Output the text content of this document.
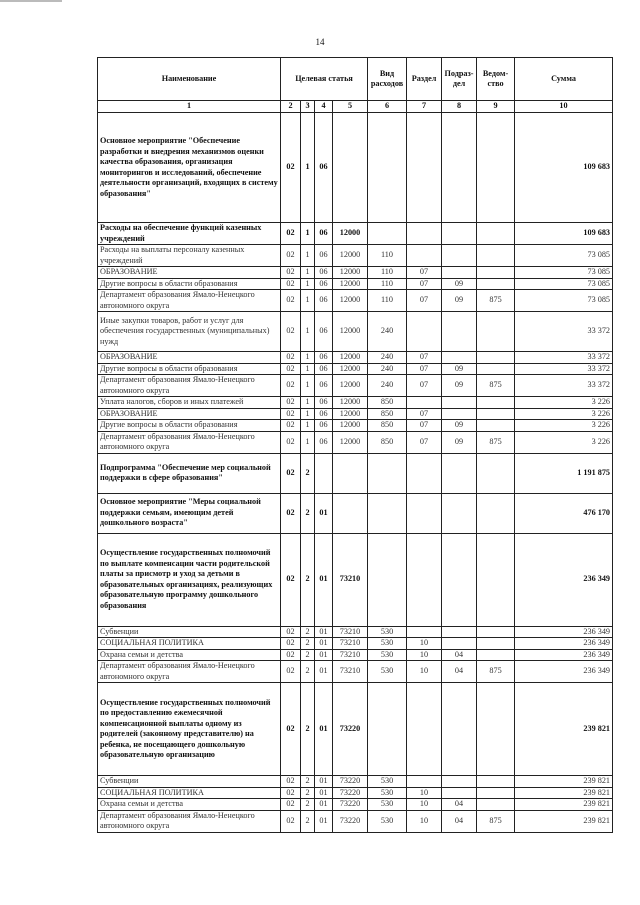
14
Наименование	Целевая статья				Вид расходов	Раздел	Подраз-дел	Ведом-ство	Сумма
1	2	3	4	5	6	7	8	9	10
Основное мероприятие "Обеспечение разработки и внедрения механизмов оценки качества образования, организация мониторингов и исследований, обеспечение деятельности организаций, входящих в систему образования"	02	1	06						109 683
Расходы на обеспечение функций казенных учреждений	02	1	06	12000					109 683
Расходы на выплаты персоналу казенных учреждений	02	1	06	12000	110				73 085
ОБРАЗОВАНИЕ	02	1	06	12000	110	07			73 085
Другие вопросы в области образования	02	1	06	12000	110	07	09		73 085
Департамент образования Ямало-Ненецкого автономного округа	02	1	06	12000	110	07	09	875	73 085
Иные закупки товаров, работ и услуг для обеспечения государственных (муниципальных) нужд	02	1	06	12000	240				33 372
ОБРАЗОВАНИЕ	02	1	06	12000	240	07			33 372
Другие вопросы в области образования	02	1	06	12000	240	07	09		33 372
Департамент образования Ямало-Ненецкого автономного округа	02	1	06	12000	240	07	09	875	33 372
Уплата налогов, сборов и иных платежей	02	1	06	12000	850				3 226
ОБРАЗОВАНИЕ	02	1	06	12000	850	07			3 226
Другие вопросы в области образования	02	1	06	12000	850	07	09		3 226
Департамент образования Ямало-Ненецкого автономного округа	02	1	06	12000	850	07	09	875	3 226
Подпрограмма "Обеспечение мер социальной поддержки в сфере образования"	02	2							1 191 875
Основное мероприятие "Меры социальной поддержки семьям, имеющим детей дошкольного возраста"	02	2	01						476 170
Осуществление государственных полномочий по выплате компенсации части родительской платы за присмотр и уход за детьми в образовательных организациях, реализующих образовательную программу дошкольного образования	02	2	01	73210					236 349
Субвенции	02	2	01	73210	530				236 349
СОЦИАЛЬНАЯ ПОЛИТИКА	02	2	01	73210	530	10			236 349
Охрана семьи и детства	02	2	01	73210	530	10	04		236 349
Департамент образования Ямало-Ненецкого автономного округа	02	2	01	73210	530	10	04	875	236 349
Осуществление государственных полномочий по предоставлению ежемесячной компенсационной выплаты одному из родителей (законному представителю) на ребенка, не посещающего дошкольную образовательную организацию	02	2	01	73220					239 821
Субвенции	02	2	01	73220	530				239 821
СОЦИАЛЬНАЯ ПОЛИТИКА	02	2	01	73220	530	10			239 821
Охрана семьи и детства	02	2	01	73220	530	10	04		239 821
Департамент образования Ямало-Ненецкого автономного округа	02	2	01	73220	530	10	04	875	239 821
